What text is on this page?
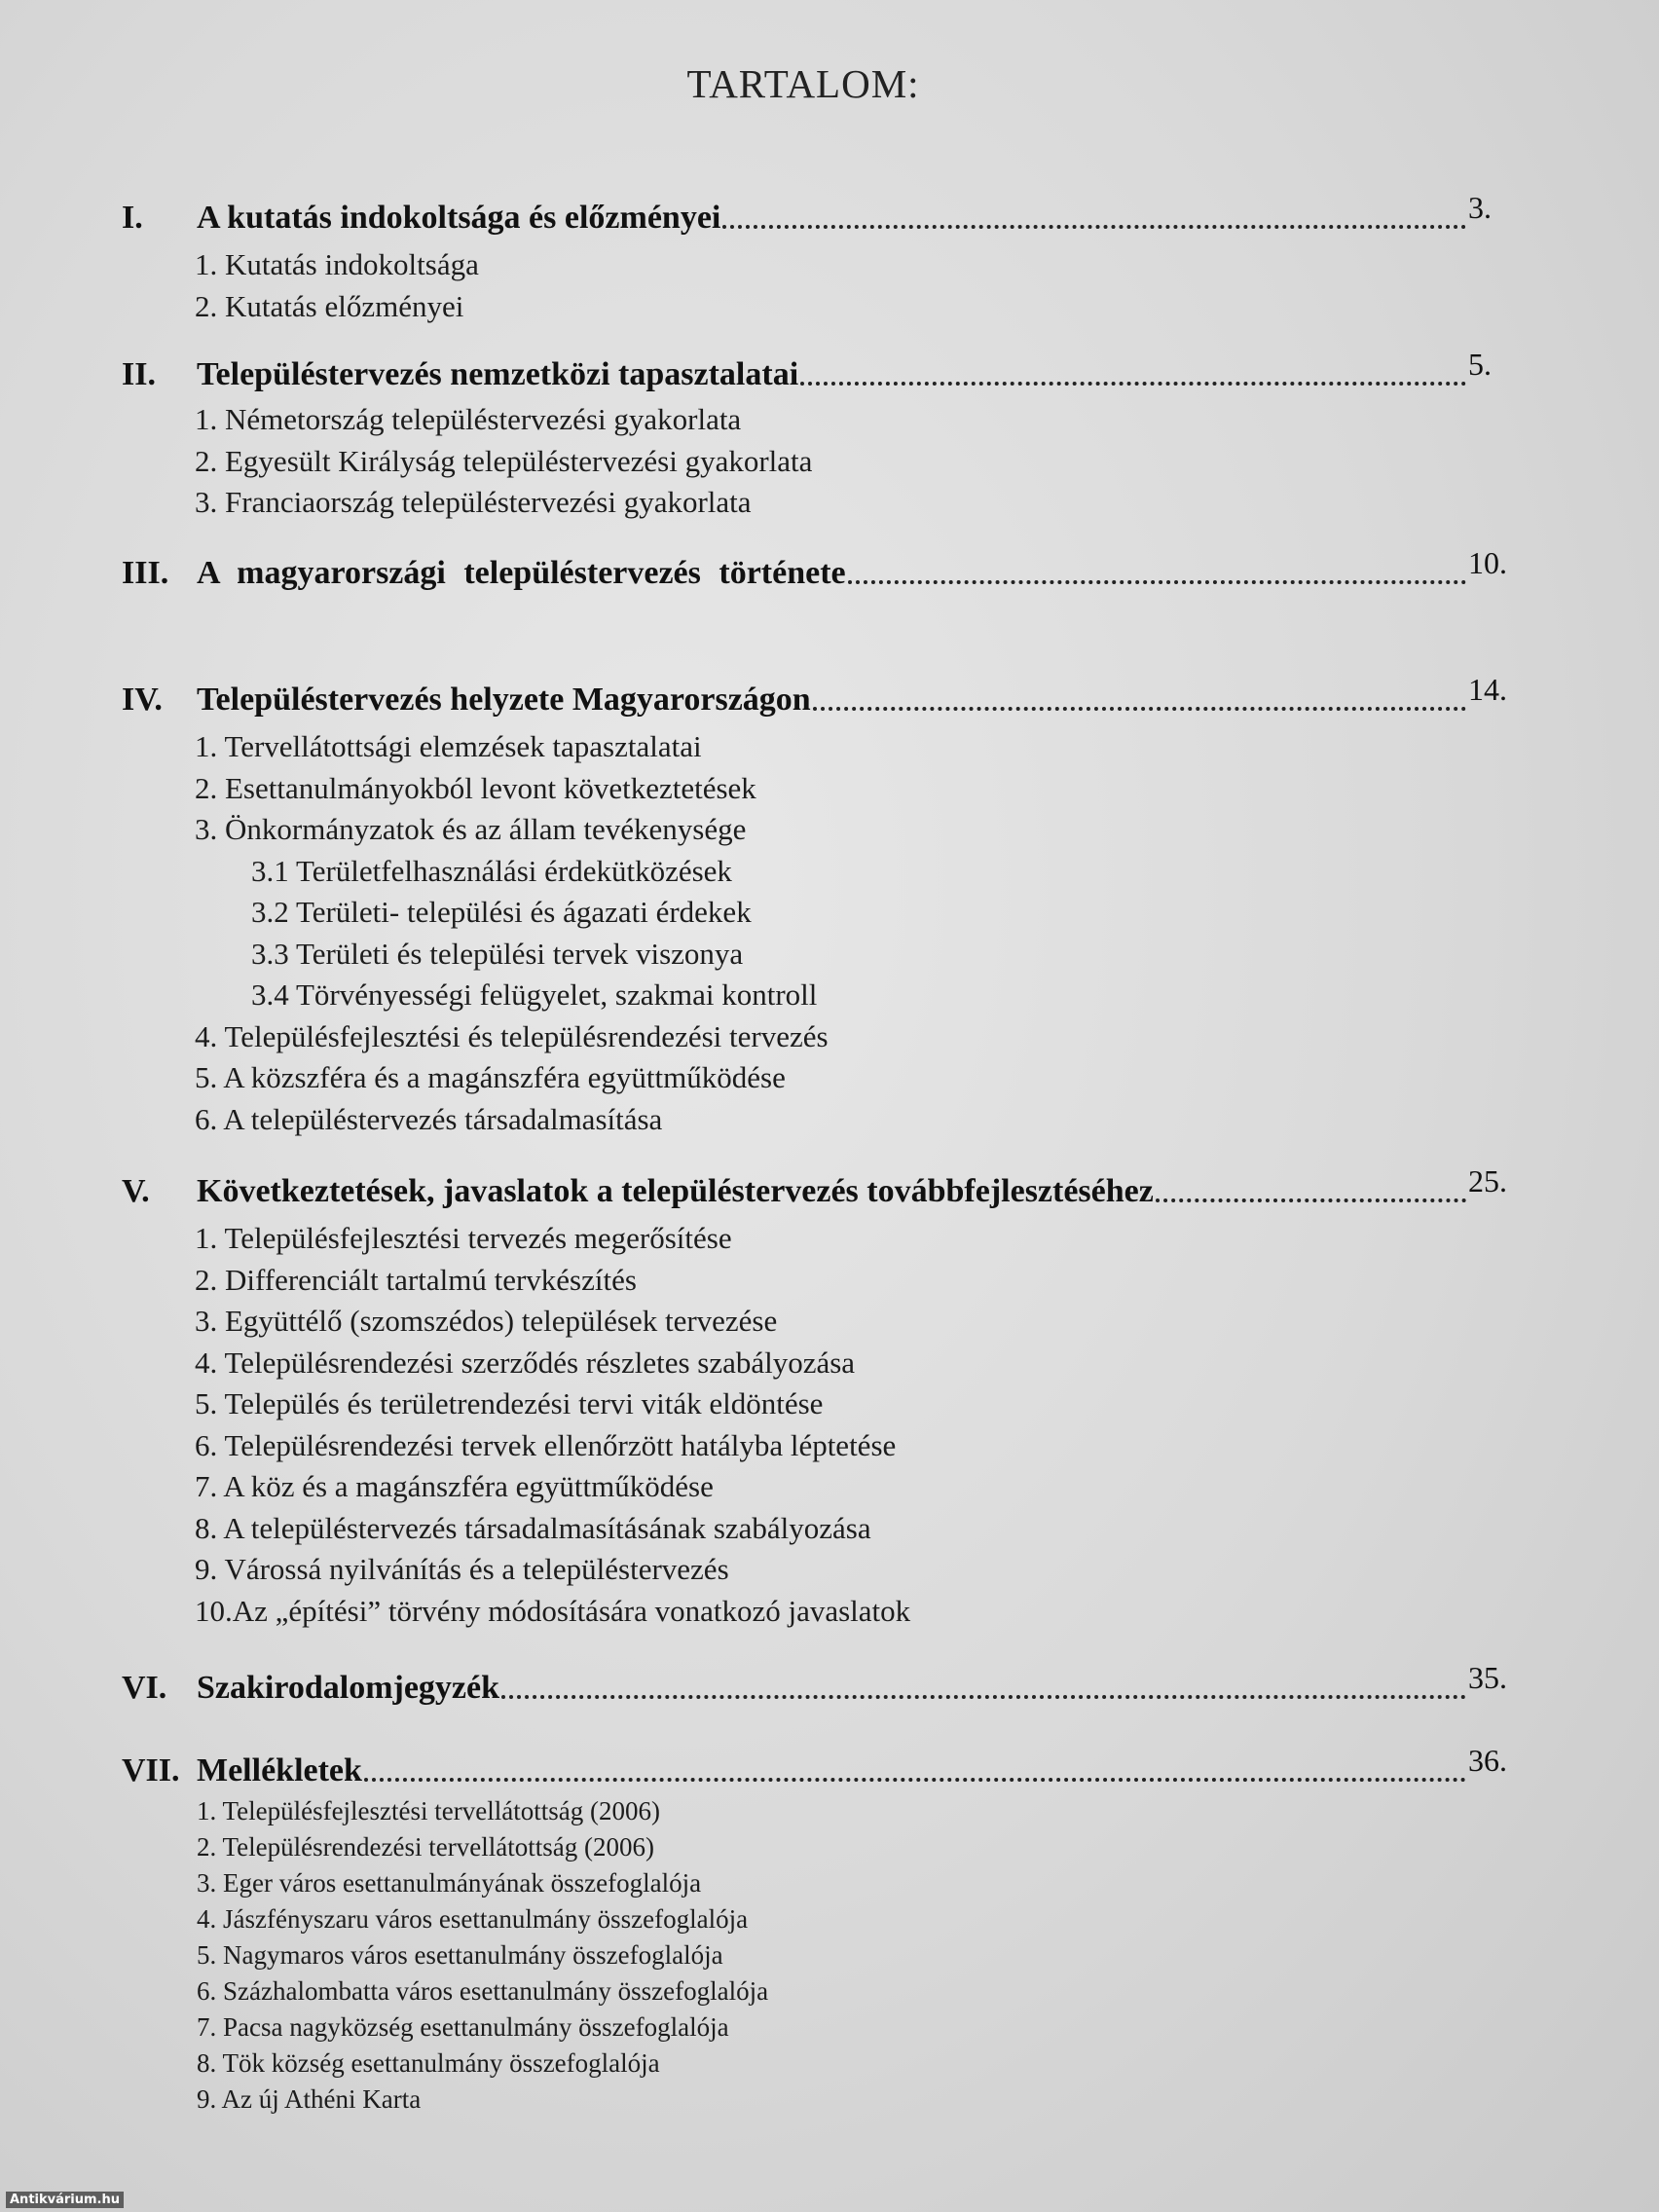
TARTALOM:
I. A kutatás indokoltsága és előzményei	3.
1. Kutatás indokoltsága
2. Kutatás előzményei
II. Településtervezés nemzetközi tapasztalatai	5.
1. Németország településtervezési gyakorlata
2. Egyesült Királyság településtervezési gyakorlata
3. Franciaország településtervezési gyakorlata
III. A magyarországi településtervezés története	10.
IV. Településtervezés helyzete Magyarországon	14.
1. Tervellátottsági elemzések tapasztalatai
2. Esettanulmányokból levont következtetések
3. Önkormányzatok és az állam tevékenysége
3.1 Területfelhasználási érdekütközések
3.2 Területi- települési és ágazati érdekek
3.3 Területi és települési tervek viszonya
3.4 Törvényességi felügyelet, szakmai kontroll
4. Településfejlesztési és településrendezési tervezés
5. A közszféra és a magánszféra együttműködése
6. A településtervezés társadalmasítása
V. Következtetések, javaslatok a településtervezés továbbfejlesztéséhez	25.
1. Településfejlesztési tervezés megerősítése
2. Differenciált tartalmú tervkészítés
3. Együttélő (szomszédos) települések tervezése
4. Településrendezési szerződés részletes szabályozása
5. Település és területrendezési tervi viták eldöntése
6. Településrendezési tervek ellenőrzött hatályba léptetése
7. A köz és a magánszféra együttműködése
8. A településtervezés társadalmasításának szabályozása
9. Várossá nyilvánítás és a településtervezés
10.Az „építési” törvény módosítására vonatkozó javaslatok
VI. Szakirodalomjegyzék	35.
VII. Mellékletek	36.
1. Településfejlesztési tervellátottság (2006)
2. Településrendezési tervellátottság (2006)
3. Eger város esettanulmányának összefoglalója
4. Jászfényszaru város esettanulmány összefoglalója
5. Nagymaros város esettanulmány összefoglalója
6. Százhalombatta város esettanulmány összefoglalója
7. Pacsa nagyközség esettanulmány összefoglalója
8. Tök község esettanulmány összefoglalója
9. Az új Athéni Karta
Antikvárium.hu
